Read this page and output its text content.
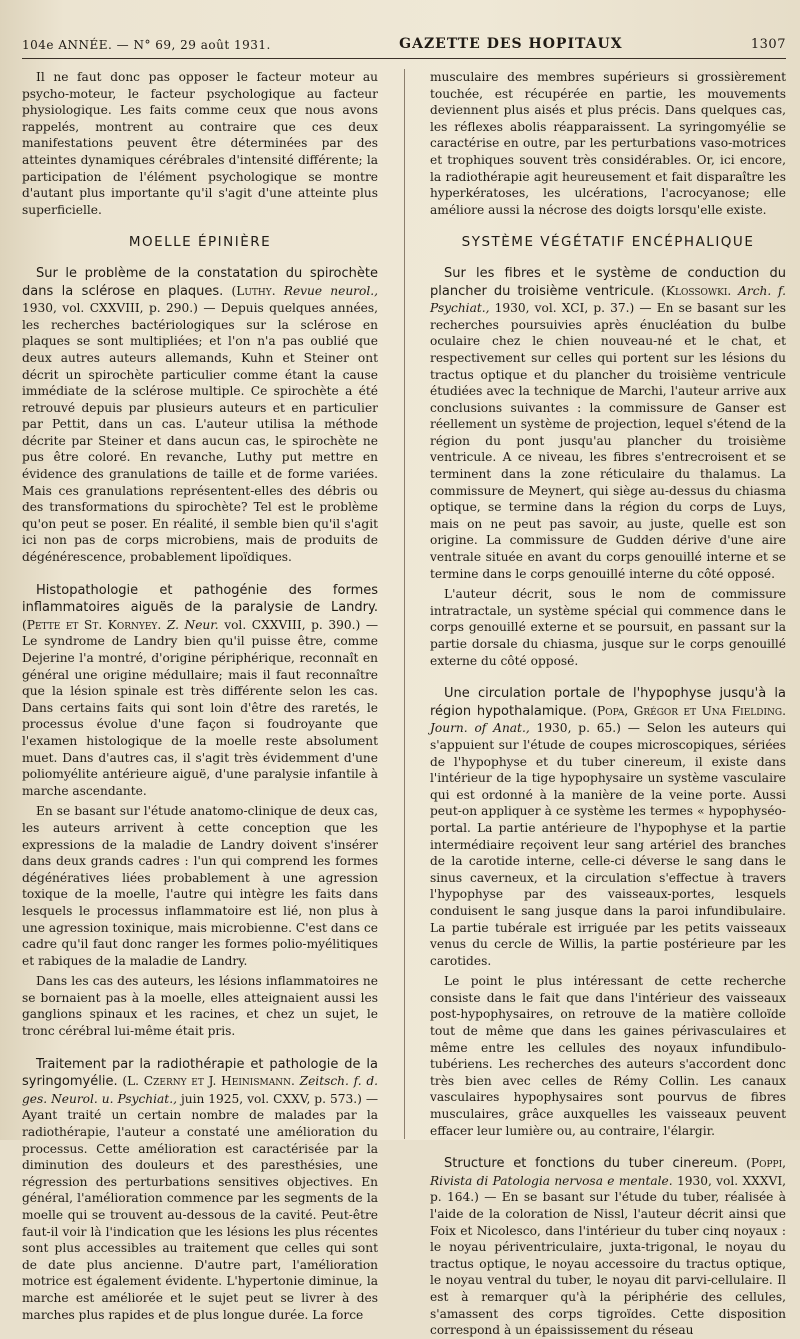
104e ANNÉE. — N° 69, 29 août 1931.	GAZETTE DES HOPITAUX	1307

Il ne faut donc pas opposer le facteur moteur au psycho-moteur, le facteur psychologique au facteur physiologique. Les faits comme ceux que nous avons rappelés, montrent au contraire que ces deux manifestations peuvent être déterminées par des atteintes dynamiques cérébrales d'intensité différente; la participation de l'élément psychologique se montre d'autant plus importante qu'il s'agit d'une atteinte plus superficielle.

MOELLE ÉPINIÈRE

Sur le problème de la constatation du spirochète dans la sclérose en plaques. (Luthy. Revue neurol., 1930, vol. CXXVIII, p. 290.) — Depuis quelques années, les recherches bactériologiques sur la sclérose en plaques se sont multipliées; et l'on n'a pas oublié que deux autres auteurs allemands, Kuhn et Steiner ont décrit un spirochète particulier comme étant la cause immédiate de la sclérose multiple. Ce spirochète a été retrouvé depuis par plusieurs auteurs et en particulier par Pettit, dans un cas. L'auteur utilisa la méthode décrite par Steiner et dans aucun cas, le spirochète ne pus être coloré. En revanche, Luthy put mettre en évidence des granulations de taille et de forme variées. Mais ces granulations représentent-elles des débris ou des transformations du spirochète? Tel est le problème qu'on peut se poser. En réalité, il semble bien qu'il s'agit ici non pas de corps microbiens, mais de produits de dégénérescence, probablement lipoïdiques.

Histopathologie et pathogénie des formes inflammatoires aiguës de la paralysie de Landry. (Pette et St. Kornyey. Z. Neur. vol. CXXVIII, p. 390.) — Le syndrome de Landry bien qu'il puisse être, comme Dejerine l'a montré, d'origine périphérique, reconnaît en général une origine médullaire; mais il faut reconnaître que la lésion spinale est très différente selon les cas. Dans certains faits qui sont loin d'être des raretés, le processus évolue d'une façon si foudroyante que l'examen histologique de la moelle reste absolument muet. Dans d'autres cas, il s'agit très évidemment d'une poliomyélite antérieure aiguë, d'une paralysie infantile à marche ascendante.

En se basant sur l'étude anatomo-clinique de deux cas, les auteurs arrivent à cette conception que les expressions de la maladie de Landry doivent s'insérer dans deux grands cadres : l'un qui comprend les formes dégénératives liées probablement à une agression toxique de la moelle, l'autre qui intègre les faits dans lesquels le processus inflammatoire est lié, non plus à une agression toxinique, mais microbienne. C'est dans ce cadre qu'il faut donc ranger les formes polio-myélitiques et rabiques de la maladie de Landry.

Dans les cas des auteurs, les lésions inflammatoires ne se bornaient pas à la moelle, elles atteignaient aussi les ganglions spinaux et les racines, et chez un sujet, le tronc cérébral lui-même était pris.

Traitement par la radiothérapie et pathologie de la syringomyélie. (L. Czerny et J. Heinismann. Zeitsch. f. d. ges. Neurol. u. Psychiat., juin 1925, vol. CXXV, p. 573.) — Ayant traité un certain nombre de malades par la radiothérapie, l'auteur a constaté une amélioration du processus. Cette amélioration est caractérisée par la diminution des douleurs et des paresthésies, une régression des perturbations sensitives objectives. En général, l'amélioration commence par les segments de la moelle qui se trouvent au-dessous de la cavité. Peut-être faut-il voir là l'indication que les lésions les plus récentes sont plus accessibles au traitement que celles qui sont de date plus ancienne. D'autre part, l'amélioration motrice est également évidente. L'hypertonie diminue, la marche est améliorée et le sujet peut se livrer à des marches plus rapides et de plus longue durée. La force

musculaire des membres supérieurs si grossièrement touchée, est récupérée en partie, les mouvements deviennent plus aisés et plus précis. Dans quelques cas, les réflexes abolis réapparaissent. La syringomyélie se caractérise en outre, par les perturbations vaso-motrices et trophiques souvent très considérables. Or, ici encore, la radiothérapie agit heureusement et fait disparaître les hyperkératoses, les ulcérations, l'acrocyanose; elle améliore aussi la nécrose des doigts lorsqu'elle existe.

SYSTÈME VÉGÉTATIF ENCÉPHALIQUE

Sur les fibres et le système de conduction du plancher du troisième ventricule. (Klossowki. Arch. f. Psychiat., 1930, vol. XCI, p. 37.) — En se basant sur les recherches poursuivies après énucléation du bulbe oculaire chez le chien nouveau-né et le chat, et respectivement sur celles qui portent sur les lésions du tractus optique et du plancher du troisième ventricule étudiées avec la technique de Marchi, l'auteur arrive aux conclusions suivantes : la commissure de Ganser est réellement un système de projection, lequel s'étend de la région du pont jusqu'au plancher du troisième ventricule. A ce niveau, les fibres s'entrecroisent et se terminent dans la zone réticulaire du thalamus. La commissure de Meynert, qui siège au-dessus du chiasma optique, se termine dans la région du corps de Luys, mais on ne peut pas savoir, au juste, quelle est son origine. La commissure de Gudden dérive d'une aire ventrale située en avant du corps genouillé interne et se termine dans le corps genouillé interne du côté opposé.

L'auteur décrit, sous le nom de commissure intratractale, un système spécial qui commence dans le corps genouillé externe et se poursuit, en passant sur la partie dorsale du chiasma, jusque sur le corps genouillé externe du côté opposé.

Une circulation portale de l'hypophyse jusqu'à la région hypothalamique. (Popa, Grégor et Una Fielding. Journ. of Anat., 1930, p. 65.) — Selon les auteurs qui s'appuient sur l'étude de coupes microscopiques, sériées de l'hypophyse et du tuber cinereum, il existe dans l'intérieur de la tige hypophysaire un système vasculaire qui est ordonné à la manière de la veine porte. Aussi peut-on appliquer à ce système les termes « hypophyséo-portal. La partie antérieure de l'hypophyse et la partie intermédiaire reçoivent leur sang artériel des branches de la carotide interne, celle-ci déverse le sang dans le sinus caverneux, et la circulation s'effectue à travers l'hypophyse par des vaisseaux-portes, lesquels conduisent le sang jusque dans la paroi infundibulaire. La partie tubérale est irriguée par les petits vaisseaux venus du cercle de Willis, la partie postérieure par les carotides.

Le point le plus intéressant de cette recherche consiste dans le fait que dans l'intérieur des vaisseaux post-hypophysaires, on retrouve de la matière colloïde tout de même que dans les gaines périvasculaires et même entre les cellules des noyaux infundibulo-tubériens. Les recherches des auteurs s'accordent donc très bien avec celles de Rémy Collin. Les canaux vasculaires hypophysaires sont pourvus de fibres musculaires, grâce auxquelles les vaisseaux peuvent effacer leur lumière ou, au contraire, l'élargir.

Structure et fonctions du tuber cinereum. (Poppi, Rivista di Patologia nervosa e mentale. 1930, vol. XXXVI, p. 164.) — En se basant sur l'étude du tuber, réalisée à l'aide de la coloration de Nissl, l'auteur décrit ainsi que Foix et Nicolesco, dans l'intérieur du tuber cinq noyaux : le noyau périventriculaire, juxta-trigonal, le noyau du tractus optique, le noyau accessoire du tractus optique, le noyau ventral du tuber, le noyau dit parvi-cellulaire. Il est à remarquer qu'à la périphérie des cellules, s'amassent des corps tigroïdes. Cette disposition correspond à un épaississement du réseau
